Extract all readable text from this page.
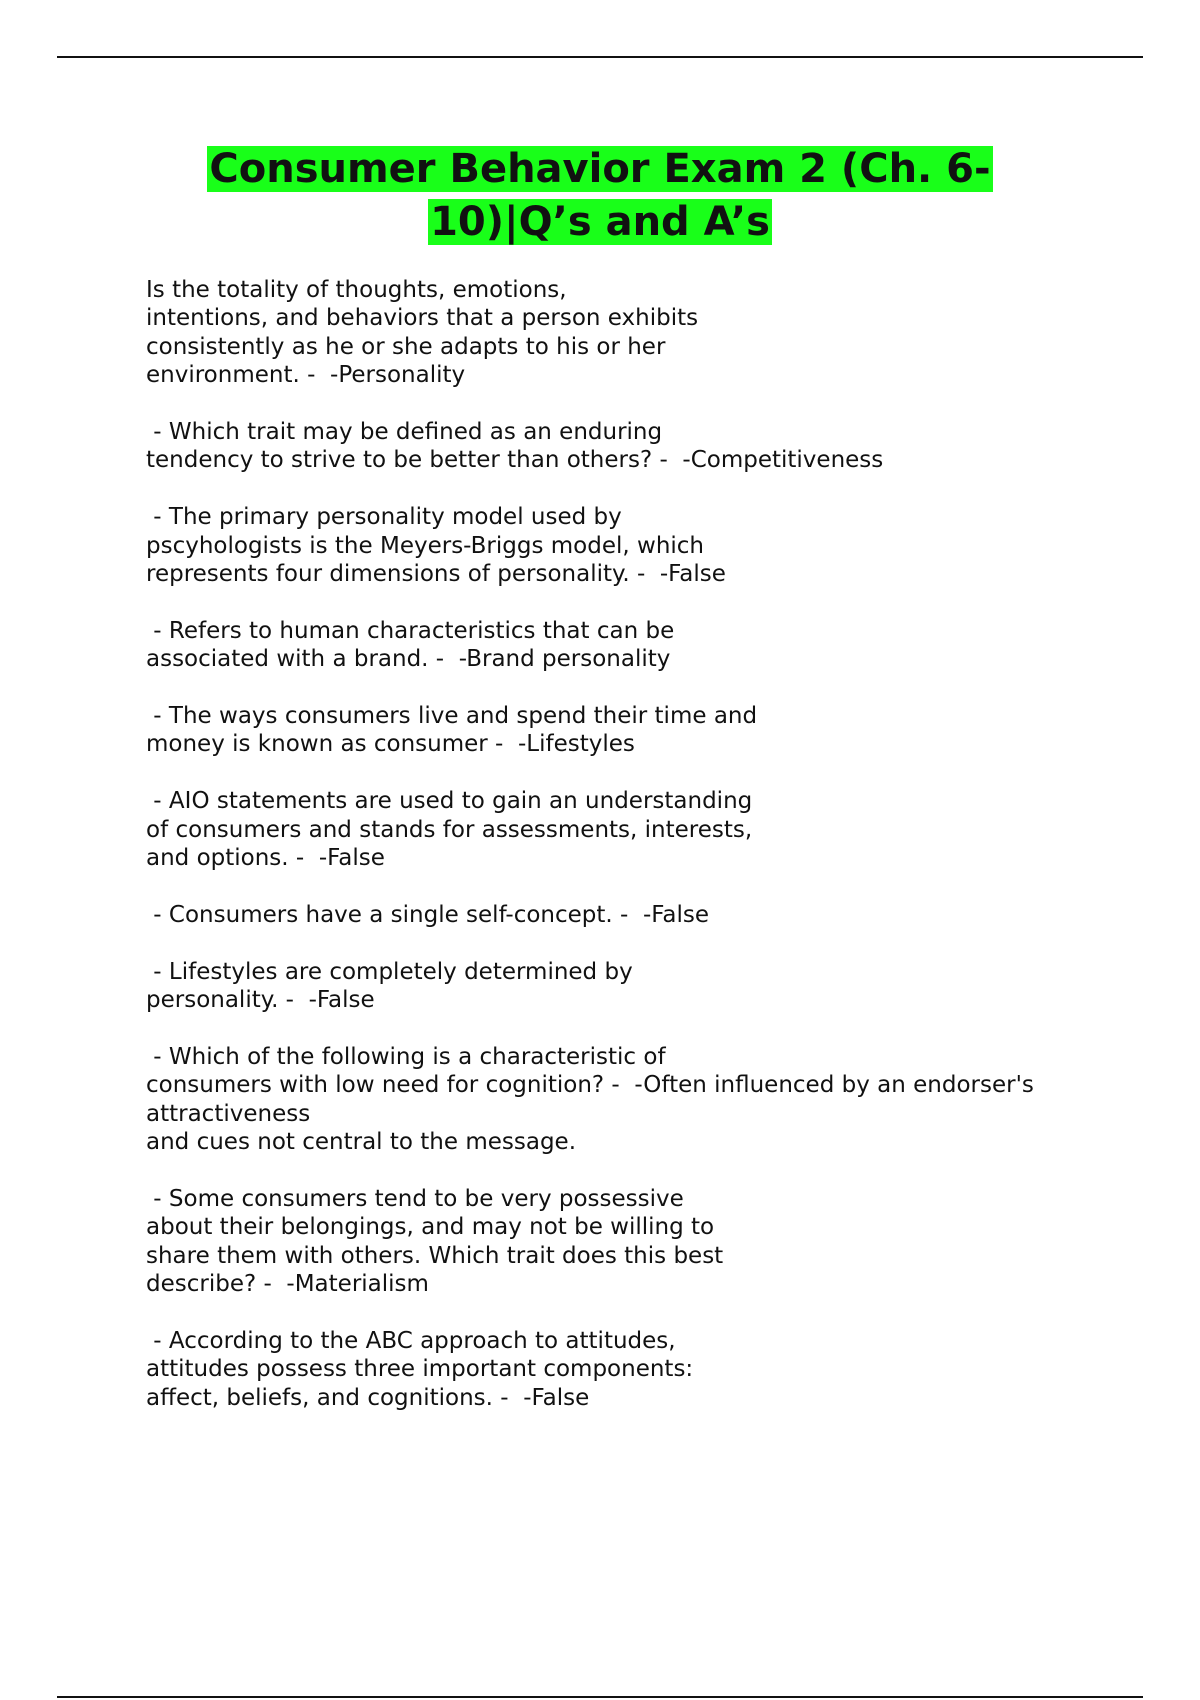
Consumer Behavior Exam 2 (Ch. 6-
10)|Q’s and A’s
Is the totality of thoughts, emotions,
intentions, and behaviors that a person exhibits
consistently as he or she adapts to his or her
environment. -  -Personality
- Which trait may be defined as an enduring
tendency to strive to be better than others? -  -Competitiveness
- The primary personality model used by
pscyhologists is the Meyers-Briggs model, which
represents four dimensions of personality. -  -False
- Refers to human characteristics that can be
associated with a brand. -  -Brand personality
- The ways consumers live and spend their time and
money is known as consumer -  -Lifestyles
- AIO statements are used to gain an understanding
of consumers and stands for assessments, interests,
and options. -  -False
- Consumers have a single self-concept. -  -False
- Lifestyles are completely determined by
personality. -  -False
- Which of the following is a characteristic of
consumers with low need for cognition? -  -Often influenced by an endorser's
attractiveness
and cues not central to the message.
- Some consumers tend to be very possessive
about their belongings, and may not be willing to
share them with others. Which trait does this best
describe? -  -Materialism
- According to the ABC approach to attitudes,
attitudes possess three important components:
affect, beliefs, and cognitions. -  -False
